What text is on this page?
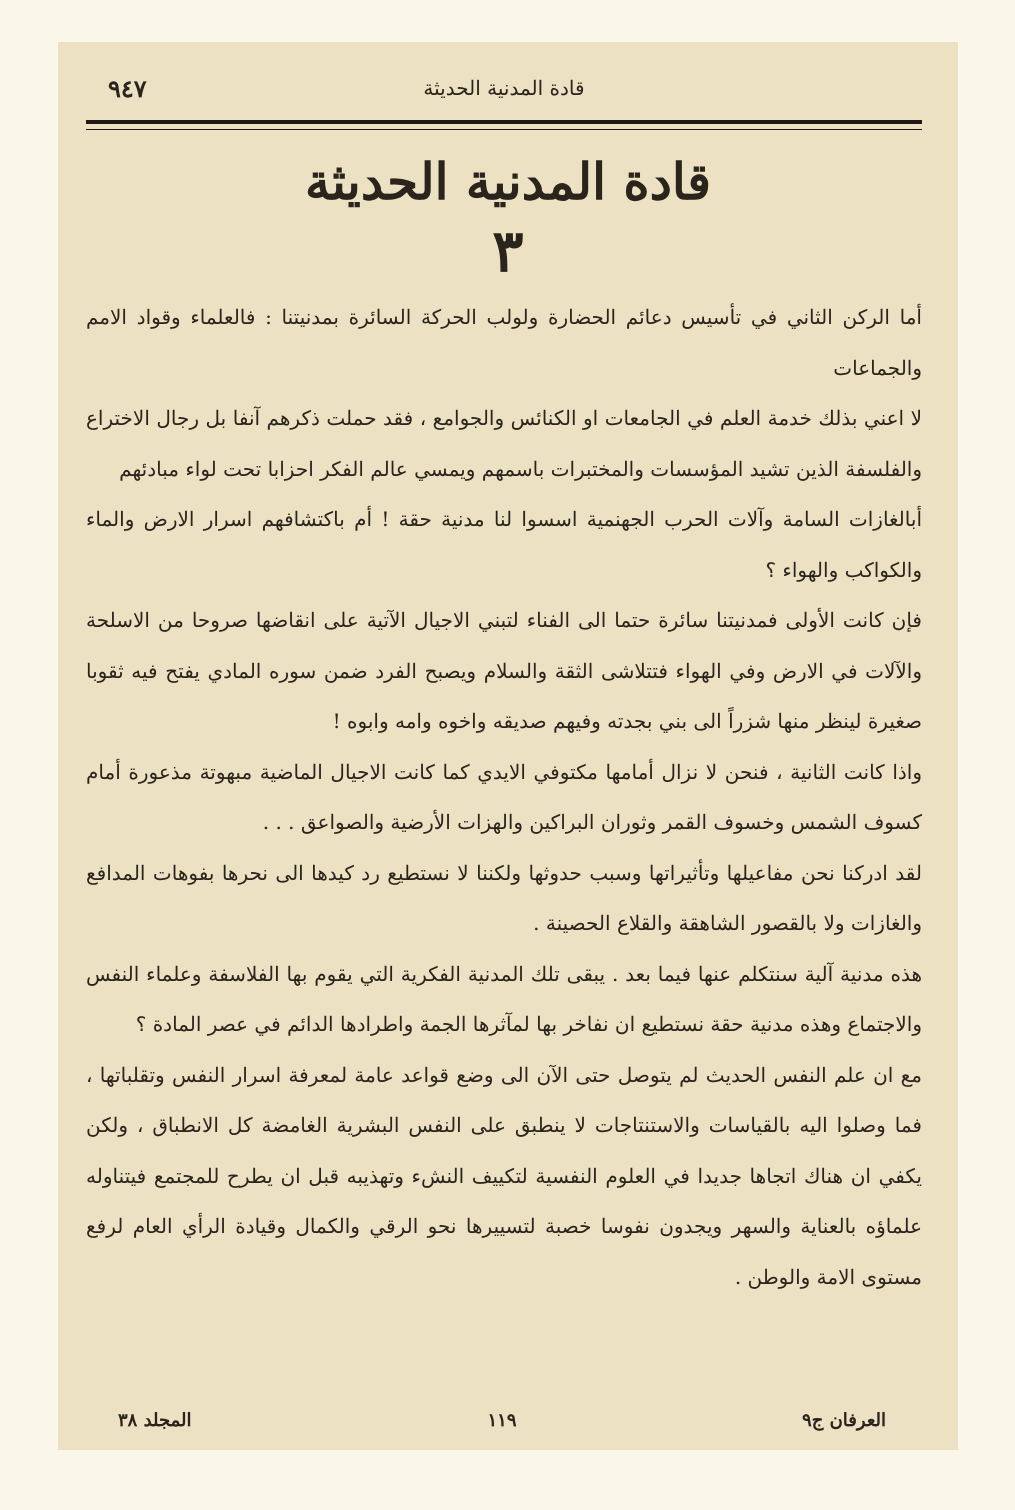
قادة المدنية الحديثة
٩٤٧
قادة المدنية الحديثة
٣

أما الركن الثاني في تأسيس دعائم الحضارة ولولب الحركة السائرة بمدنيتنا : فالعلماء وقواد الامم والجماعات

لا اعني بذلك خدمة العلم في الجامعات او الكنائس والجوامع ، فقد حملت ذكرهم آنفا بل رجال الاختراع والفلسفة الذين تشيد المؤسسات والمختبرات باسمهم ويمسي عالم الفكر احزابا تحت لواء مبادئهم

أبالغازات السامة وآلات الحرب الجهنمية اسسوا لنا مدنية حقة ! أم باكتشافهم اسرار الارض والماء والكواكب والهواء ؟

فإن كانت الأولى فمدنيتنا سائرة حتما الى الفناء لتبني الاجيال الآتية على انقاضها صروحا من الاسلحة والآلات في الارض وفي الهواء فتتلاشى الثقة والسلام ويصبح الفرد ضمن سوره المادي يفتح فيه ثقوبا صغيرة لينظر منها شزراً الى بني بجدته وفيهم صديقه واخوه وامه وابوه !

واذا كانت الثانية ، فنحن لا نزال أمامها مكتوفي الايدي كما كانت الاجيال الماضية مبهوتة مذعورة أمام كسوف الشمس وخسوف القمر وثوران البراكين والهزات الأرضية والصواعق . . .

لقد ادركنا نحن مفاعيلها وتأثيراتها وسبب حدوثها ولكننا لا نستطيع رد كيدها الى نحرها بفوهات المدافع والغازات ولا بالقصور الشاهقة والقلاع الحصينة .

هذه مدنية آلية سنتكلم عنها فيما بعد . يبقى تلك المدنية الفكرية التي يقوم بها الفلاسفة وعلماء النفس والاجتماع وهذه مدنية حقة نستطيع ان نفاخر بها لمآثرها الجمة واطرادها الدائم في عصر المادة ؟

مع ان علم النفس الحديث لم يتوصل حتى الآن الى وضع قواعد عامة لمعرفة اسرار النفس وتقلباتها ، فما وصلوا اليه بالقياسات والاستنتاجات لا ينطبق على النفس البشرية الغامضة كل الانطباق ، ولكن يكفي ان هناك اتجاها جديدا في العلوم النفسية لتكييف النشء وتهذيبه قبل ان يطرح للمجتمع فيتناوله علماؤه بالعناية والسهر ويجدون نفوسا خصبة لتسييرها نحو الرقي والكمال وقيادة الرأي العام لرفع مستوى الامة والوطن .

العرفان ج٩
١١٩
المجلد ٣٨
